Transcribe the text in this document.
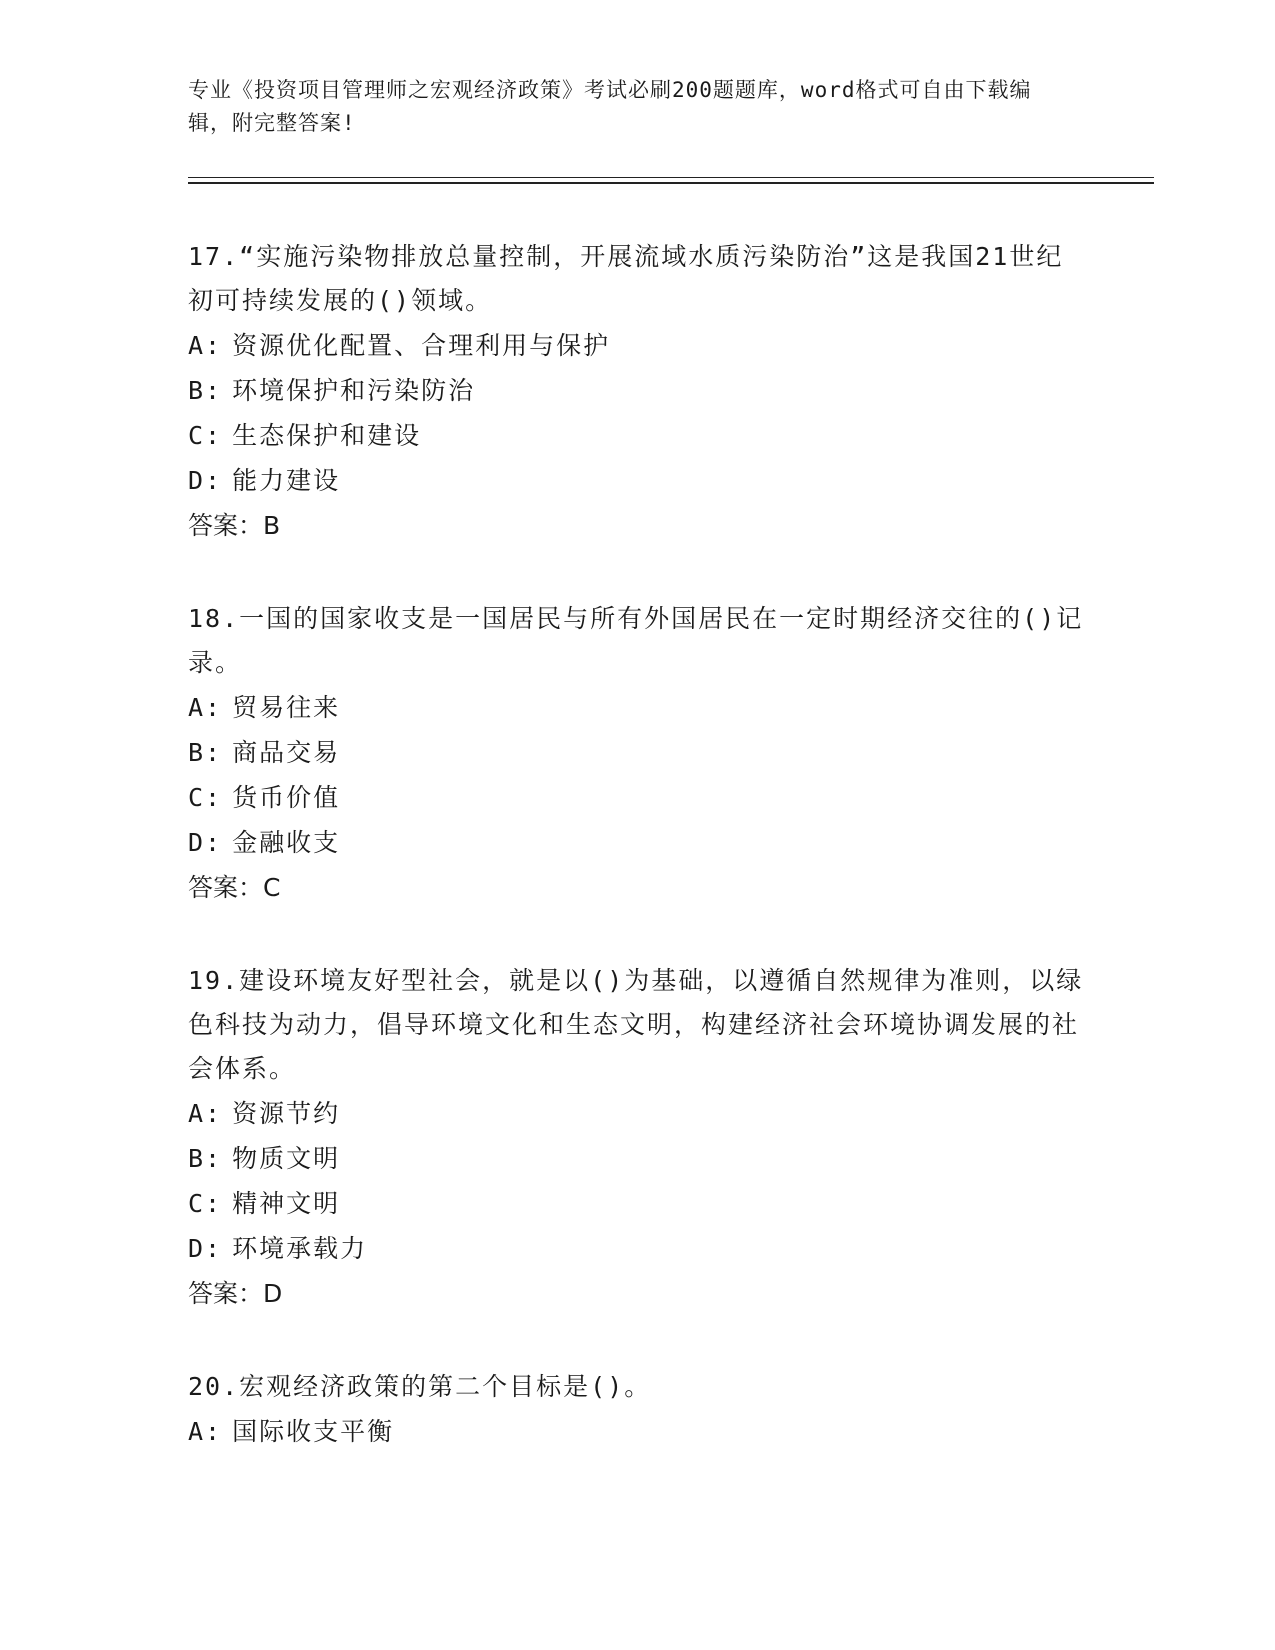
专业《投资项目管理师之宏观经济政策》考试必刷200题题库，word格式可自由下载编辑，附完整答案!

17.“实施污染物排放总量控制，开展流域水质污染防治”这是我国21世纪初可持续发展的()领域。

A: 资源优化配置、合理利用与保护

B: 环境保护和污染防治

C: 生态保护和建设

D: 能力建设

答案：B

18.一国的国家收支是一国居民与所有外国居民在一定时期经济交往的()记录。

A: 贸易往来

B: 商品交易

C: 货币价值

D: 金融收支

答案：C

19.建设环境友好型社会，就是以()为基础，以遵循自然规律为准则，以绿色科技为动力，倡导环境文化和生态文明，构建经济社会环境协调发展的社会体系。

A: 资源节约

B: 物质文明

C: 精神文明

D: 环境承载力

答案：D

20.宏观经济政策的第二个目标是()。

A: 国际收支平衡
